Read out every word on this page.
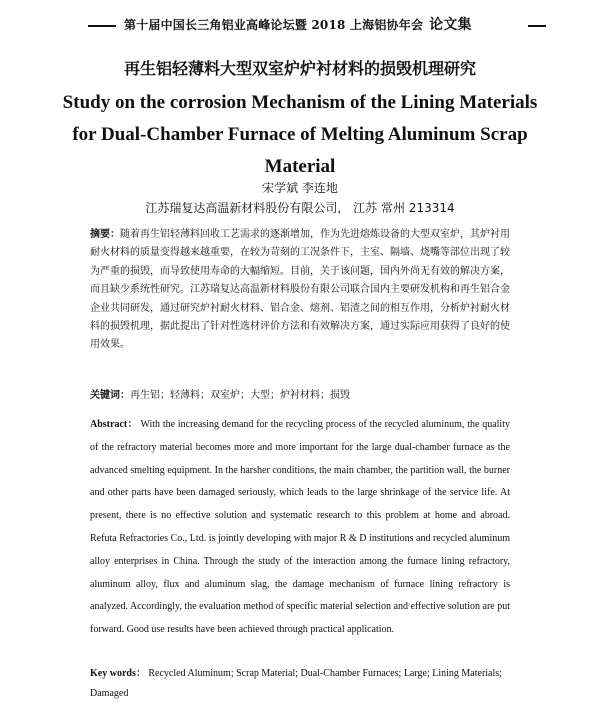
第十届中国长三角铝业高峰论坛暨 2018 上海铝协年会 论文集
再生铝轻薄料大型双室炉炉衬材料的损毁机理研究
Study on the corrosion Mechanism of the Lining Materials for Dual-Chamber Furnace of Melting Aluminum Scrap Material
宋学斌 李连地
江苏瑞复达高温新材料股份有限公司， 江苏 常州 213314
摘要：随着再生铝轻薄料回收工艺需求的逐渐增加，作为先进熔炼设备的大型双室炉，其炉衬用耐火材料的质量变得越来越重要，在较为苛刻的工况条件下，主室、隔墙、烧嘴等部位出现了较为严重的损毁，而导致使用寿命的大幅缩短。目前，关于该问题，国内外尚无有效的解决方案，而且缺少系统性研究。江苏瑞复达高温新材料股份有限公司联合国内主要研发机构和再生铝合金企业共同研发，通过研究炉衬耐火材料、铝合金、熔剂、铝渣之间的相互作用，分析炉衬耐火材料的损毁机理，据此提出了针对性选材评价方法和有效解决方案，通过实际应用获得了良好的使用效果。
关键词：再生铝；轻薄料；双室炉；大型；炉衬材料；损毁
Abstract： With the increasing demand for the recycling process of the recycled aluminum, the quality of the refractory material becomes more and more important for the large dual-chamber furnace as the advanced smelting equipment. In the harsher conditions, the main chamber, the partition wall, the burner and other parts have been damaged seriously, which leads to the large shrinkage of the service life. At present, there is no effective solution and systematic research to this problem at home and abroad. Refuta Refractories Co., Ltd. is jointly developing with major R & D institutions and recycled aluminum alloy enterprises in China. Through the study of the interaction among the furnace lining refractory, aluminum alloy, flux and aluminum slag, the damage mechanism of furnace lining refractory is analyzed. Accordingly, the evaluation method of specific material selection and effective solution are put forward. Good use results have been achieved through practical application.
Key words： Recycled Aluminum; Scrap Material; Dual-Chamber Furnaces; Large; Lining Materials; Damaged
